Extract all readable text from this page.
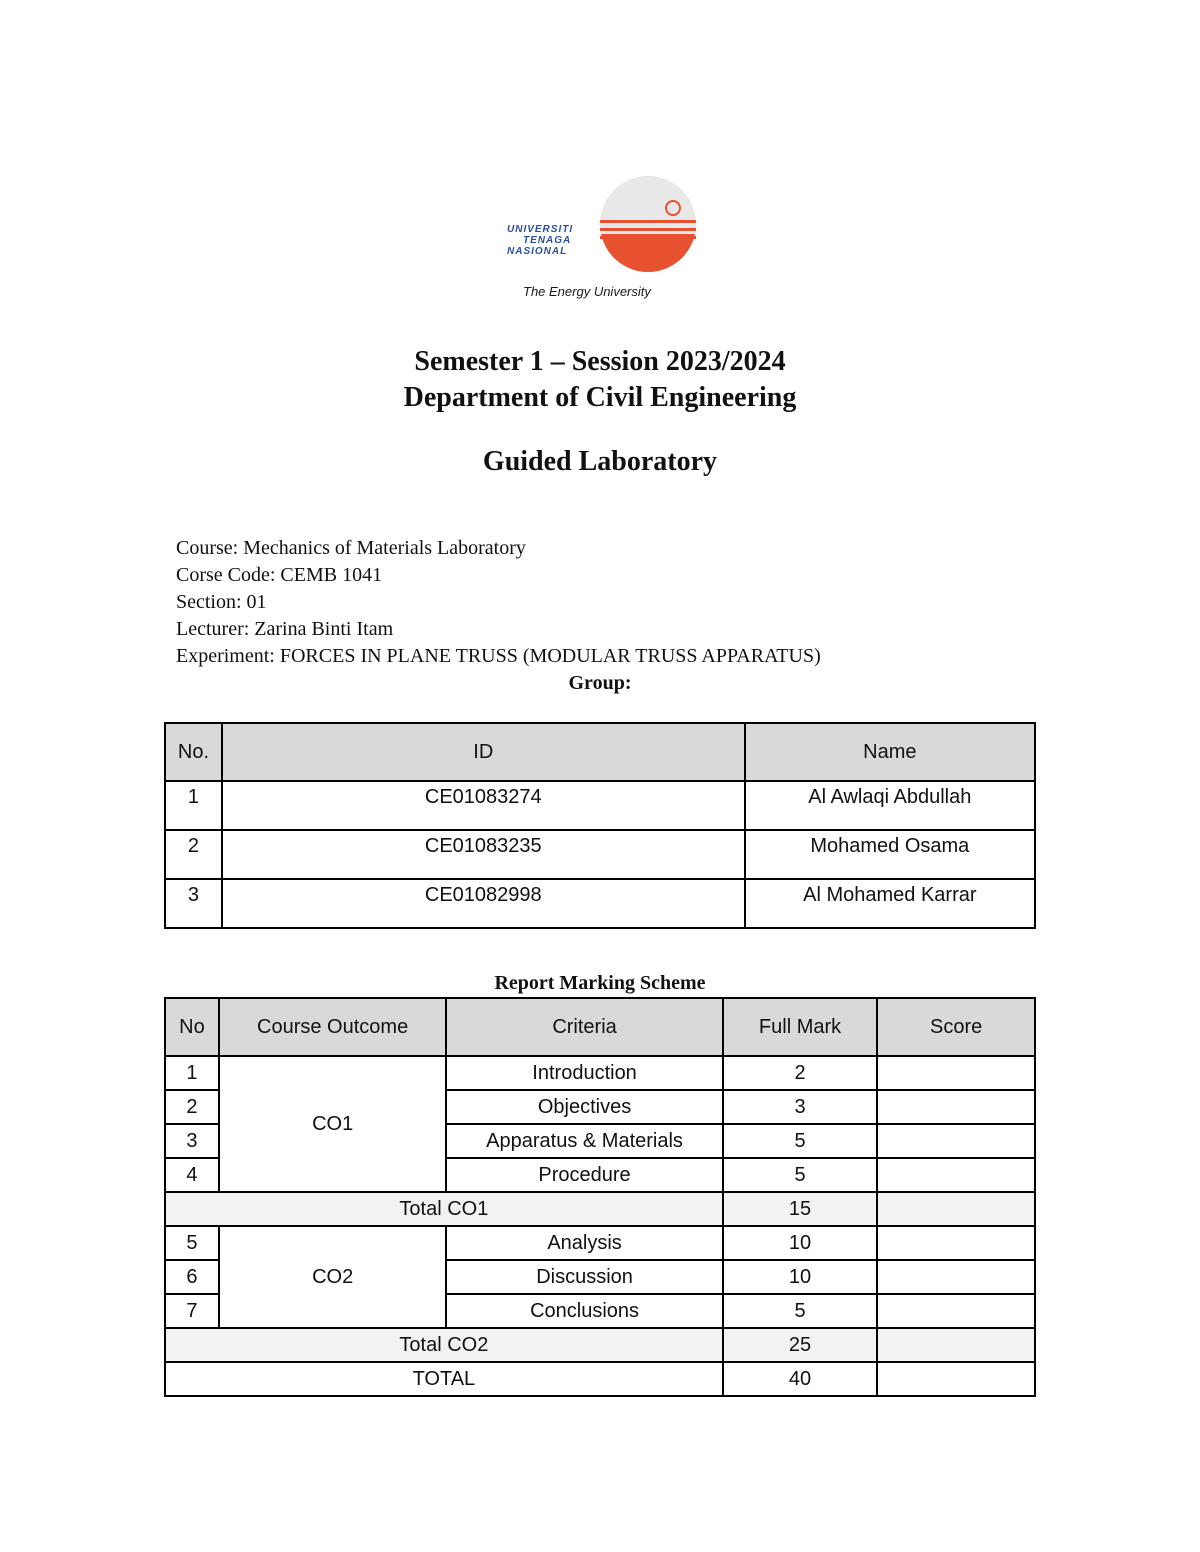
UNIVERSITI
TENAGA
NASIONAL
The Energy University
Semester 1 – Session 2023/2024
Department of Civil Engineering
Guided Laboratory
Course: Mechanics of Materials Laboratory
Corse Code: CEMB 1041
Section: 01
Lecturer: Zarina Binti Itam
Experiment: FORCES IN PLANE TRUSS (MODULAR TRUSS APPARATUS)
Group:
No.	ID	Name
1	CE01083274	Al Awlaqi Abdullah
2	CE01083235	Mohamed Osama
3	CE01082998	Al Mohamed Karrar
Report Marking Scheme
No	Course Outcome	Criteria	Full Mark	Score
1	CO1	Introduction	2	
2		Objectives	3	
3		Apparatus & Materials	5	
4		Procedure	5	
Total CO1			15	
5	CO2	Analysis	10	
6		Discussion	10	
7		Conclusions	5	
Total CO2			25	
TOTAL			40	
